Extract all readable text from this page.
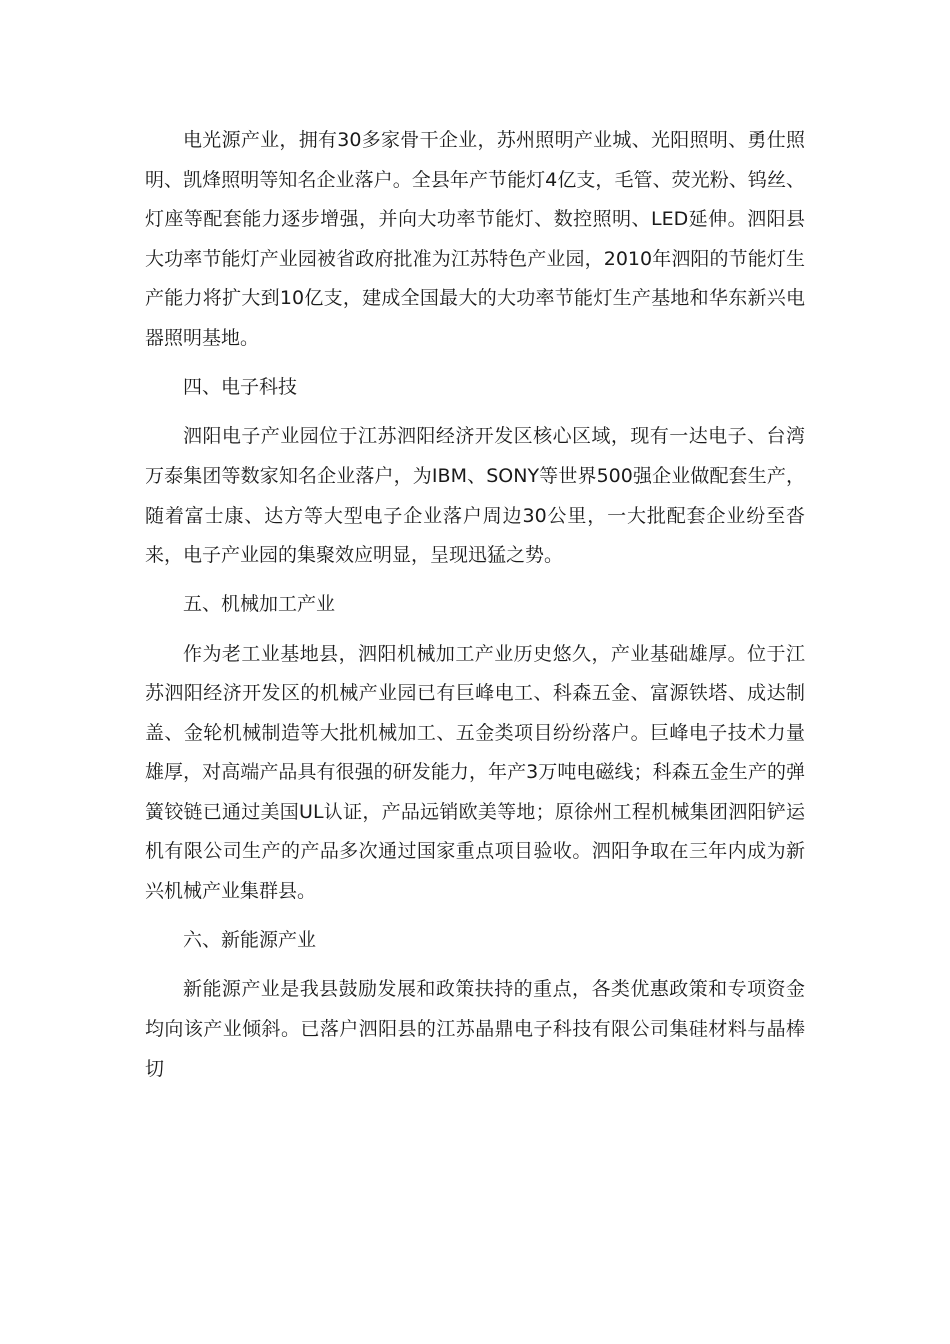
电光源产业，拥有30多家骨干企业，苏州照明产业城、光阳照明、勇仕照明、凯烽照明等知名企业落户。全县年产节能灯4亿支，毛管、荧光粉、钨丝、灯座等配套能力逐步增强，并向大功率节能灯、数控照明、LED延伸。泗阳县大功率节能灯产业园被省政府批准为江苏特色产业园，2010年泗阳的节能灯生产能力将扩大到10亿支，建成全国最大的大功率节能灯生产基地和华东新兴电器照明基地。

四、电子科技

泗阳电子产业园位于江苏泗阳经济开发区核心区域，现有一达电子、台湾万泰集团等数家知名企业落户，为IBM、SONY等世界500强企业做配套生产，随着富士康、达方等大型电子企业落户周边30公里，一大批配套企业纷至沓来，电子产业园的集聚效应明显，呈现迅猛之势。

五、机械加工产业

作为老工业基地县，泗阳机械加工产业历史悠久，产业基础雄厚。位于江苏泗阳经济开发区的机械产业园已有巨峰电工、科森五金、富源铁塔、成达制盖、金轮机械制造等大批机械加工、五金类项目纷纷落户。巨峰电子技术力量雄厚，对高端产品具有很强的研发能力，年产3万吨电磁线；科森五金生产的弹簧铰链已通过美国UL认证，产品远销欧美等地；原徐州工程机械集团泗阳铲运机有限公司生产的产品多次通过国家重点项目验收。泗阳争取在三年内成为新兴机械产业集群县。

六、新能源产业

新能源产业是我县鼓励发展和政策扶持的重点，各类优惠政策和专项资金均向该产业倾斜。已落户泗阳县的江苏晶鼎电子科技有限公司集硅材料与晶棒切
